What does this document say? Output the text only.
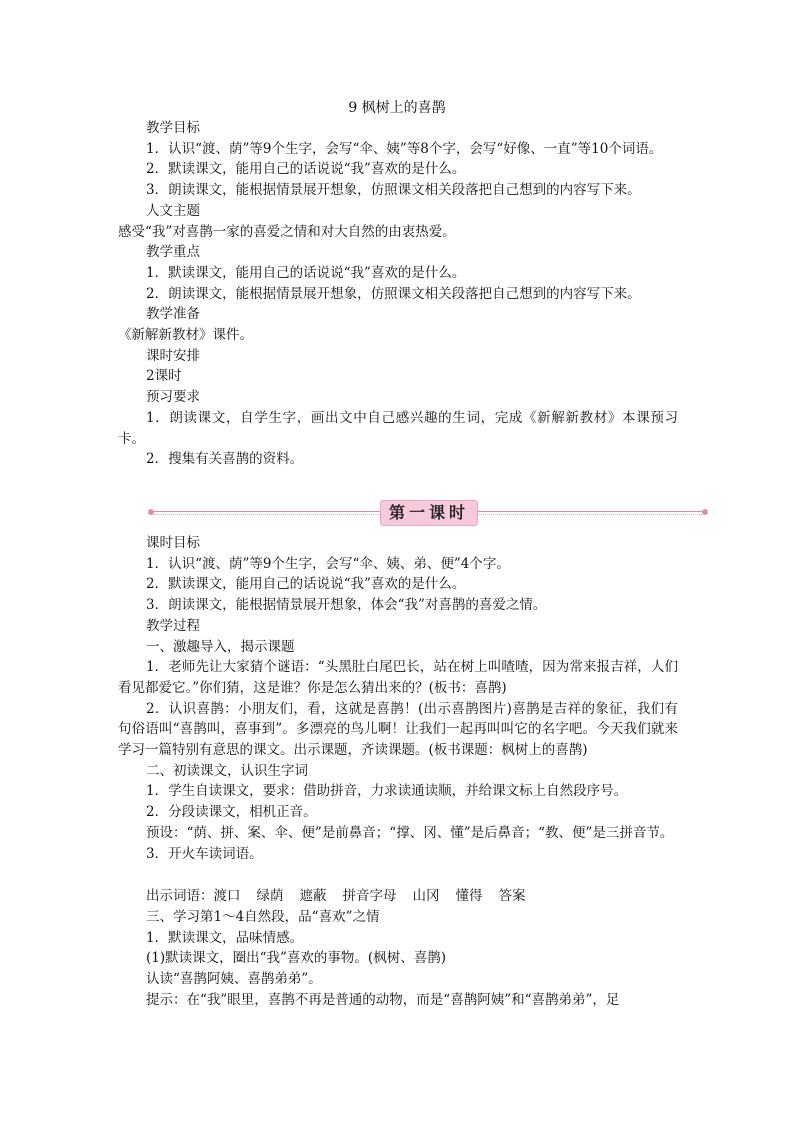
9 枫树上的喜鹊

教学目标

1．认识“渡、荫”等9个生字，会写“伞、姨”等8个字，会写“好像、一直”等10个词语。

2．默读课文，能用自己的话说说“我”喜欢的是什么。

3．朗读课文，能根据情景展开想象，仿照课文相关段落把自己想到的内容写下来。

人文主题

感受“我”对喜鹊一家的喜爱之情和对大自然的由衷热爱。

教学重点

1．默读课文，能用自己的话说说“我”喜欢的是什么。

2．朗读课文，能根据情景展开想象，仿照课文相关段落把自己想到的内容写下来。

教学准备

《新解新教材》课件。

课时安排

2课时

预习要求

1．朗读课文，自学生字，画出文中自己感兴趣的生词，完成《新解新教材》本课预习卡。

2．搜集有关喜鹊的资料。

第一课时

课时目标

1．认识“渡、荫”等9个生字，会写“伞、姨、弟、便”4个字。

2．默读课文，能用自己的话说说“我”喜欢的是什么。

3．朗读课文，能根据情景展开想象，体会“我”对喜鹊的喜爱之情。

教学过程

一、激趣导入，揭示课题

1．老师先让大家猜个谜语：“头黑肚白尾巴长，站在树上叫喳喳，因为常来报吉祥，人们看见都爱它。”你们猜，这是谁？你是怎么猜出来的？(板书：喜鹊)

2．认识喜鹊：小朋友们，看，这就是喜鹊！(出示喜鹊图片)喜鹊是吉祥的象征，我们有句俗语叫“喜鹊叫，喜事到”。多漂亮的鸟儿啊！让我们一起再叫叫它的名字吧。今天我们就来学习一篇特别有意思的课文。出示课题，齐读课题。(板书课题：枫树上的喜鹊)

二、初读课文，认识生字词

1．学生自读课文，要求：借助拼音，力求读通读顺，并给课文标上自然段序号。

2．分段读课文，相机正音。

预设：“荫、拼、案、伞、便”是前鼻音；“撑、冈、懂”是后鼻音；“教、便”是三拼音节。

3．开火车读词语。

出示词语：渡口 绿荫 遮蔽 拼音字母 山冈 懂得 答案

三、学习第1～4自然段，品“喜欢”之情

1．默读课文，品味情感。

(1)默读课文，圈出“我”喜欢的事物。(枫树、喜鹊)

认读“喜鹊阿姨、喜鹊弟弟”。

提示：在“我”眼里，喜鹊不再是普通的动物，而是“喜鹊阿姨”和“喜鹊弟弟”，足
